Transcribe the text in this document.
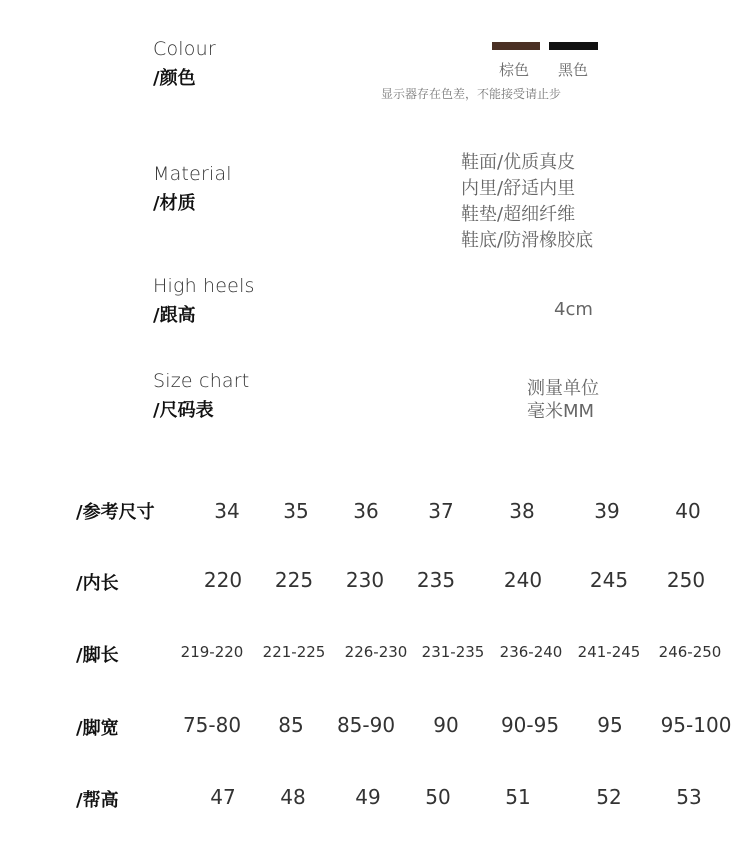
Colour
/颜色	棕色 黑色
显示器存在色差，不能接受请止步
Material
/材质
鞋面/优质真皮
内里/舒适内里
鞋垫/超细纤维
鞋底/防滑橡胶底
High heels
/跟高	4cm
Size chart
/尺码表
测量单位
毫米MM
/参考尺寸	34	35	36	37	38	39	40
/内长	220	225	230	235	240	245	250
/脚长	219-220	221-225	226-230 231-235	236-240	241-245	246-250
/脚宽	75-80	85	85-90	90	90-95	95	95-100
/帮高	47	48	49	50	51	52	53
